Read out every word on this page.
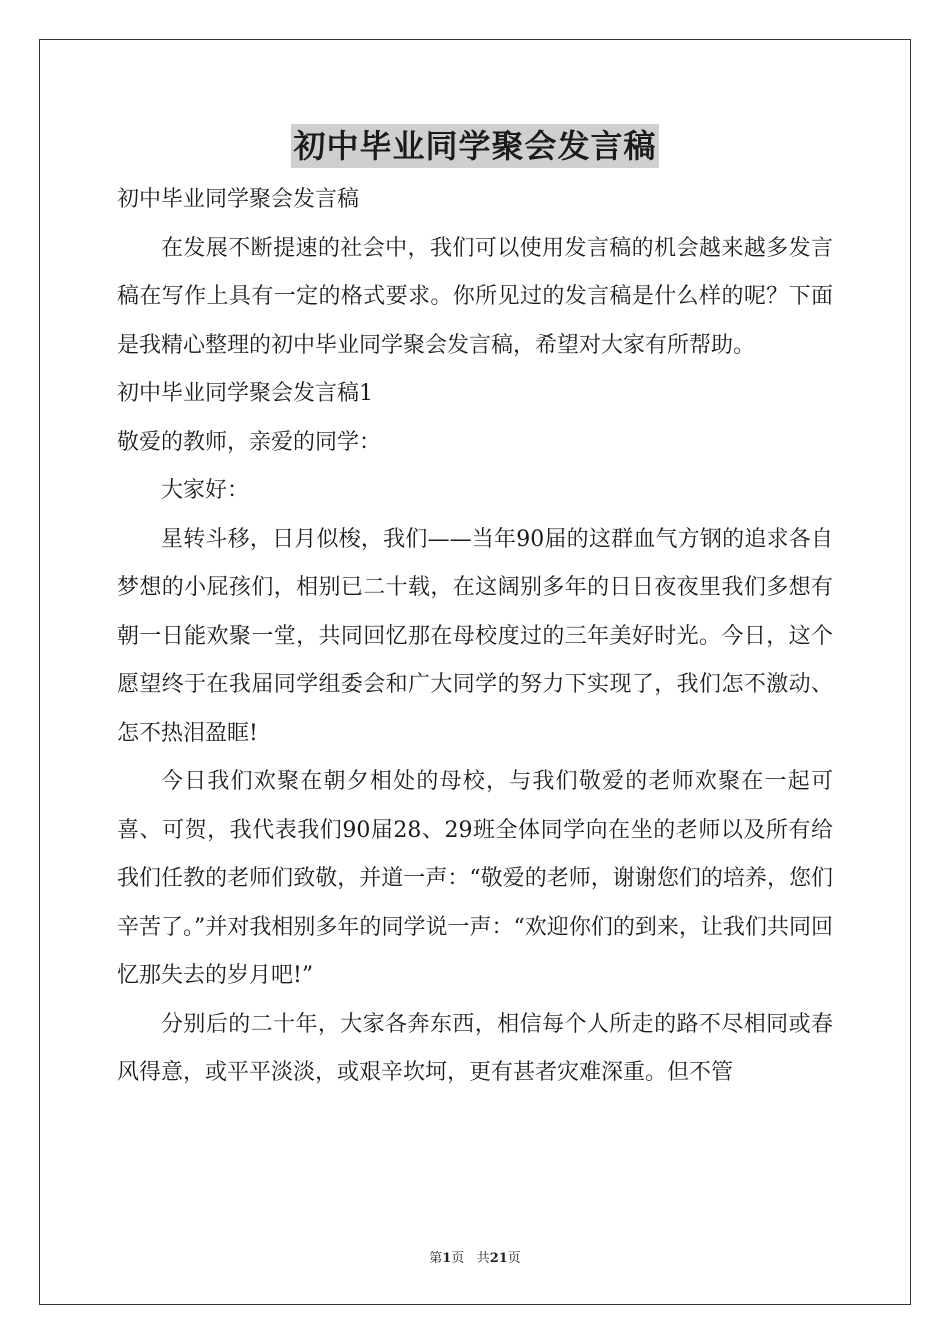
初中毕业同学聚会发言稿

初中毕业同学聚会发言稿

在发展不断提速的社会中，我们可以使用发言稿的机会越来越多发言稿在写作上具有一定的格式要求。你所见过的发言稿是什么样的呢？下面是我精心整理的初中毕业同学聚会发言稿，希望对大家有所帮助。

初中毕业同学聚会发言稿1

敬爱的教师，亲爱的同学：

大家好：

星转斗移，日月似梭，我们——当年90届的这群血气方钢的追求各自梦想的小屁孩们，相别已二十载，在这阔别多年的日日夜夜里我们多想有朝一日能欢聚一堂，共同回忆那在母校度过的三年美好时光。今日，这个愿望终于在我届同学组委会和广大同学的努力下实现了，我们怎不激动、怎不热泪盈眶!

今日我们欢聚在朝夕相处的母校，与我们敬爱的老师欢聚在一起可喜、可贺，我代表我们90届28、29班全体同学向在坐的老师以及所有给我们任教的老师们致敬，并道一声：“敬爱的老师，谢谢您们的培养，您们辛苦了。”并对我相别多年的同学说一声：“欢迎你们的到来，让我们共同回忆那失去的岁月吧!”

分别后的二十年，大家各奔东西，相信每个人所走的路不尽相同或春风得意，或平平淡淡，或艰辛坎坷，更有甚者灾难深重。但不管

第1页 共21页
